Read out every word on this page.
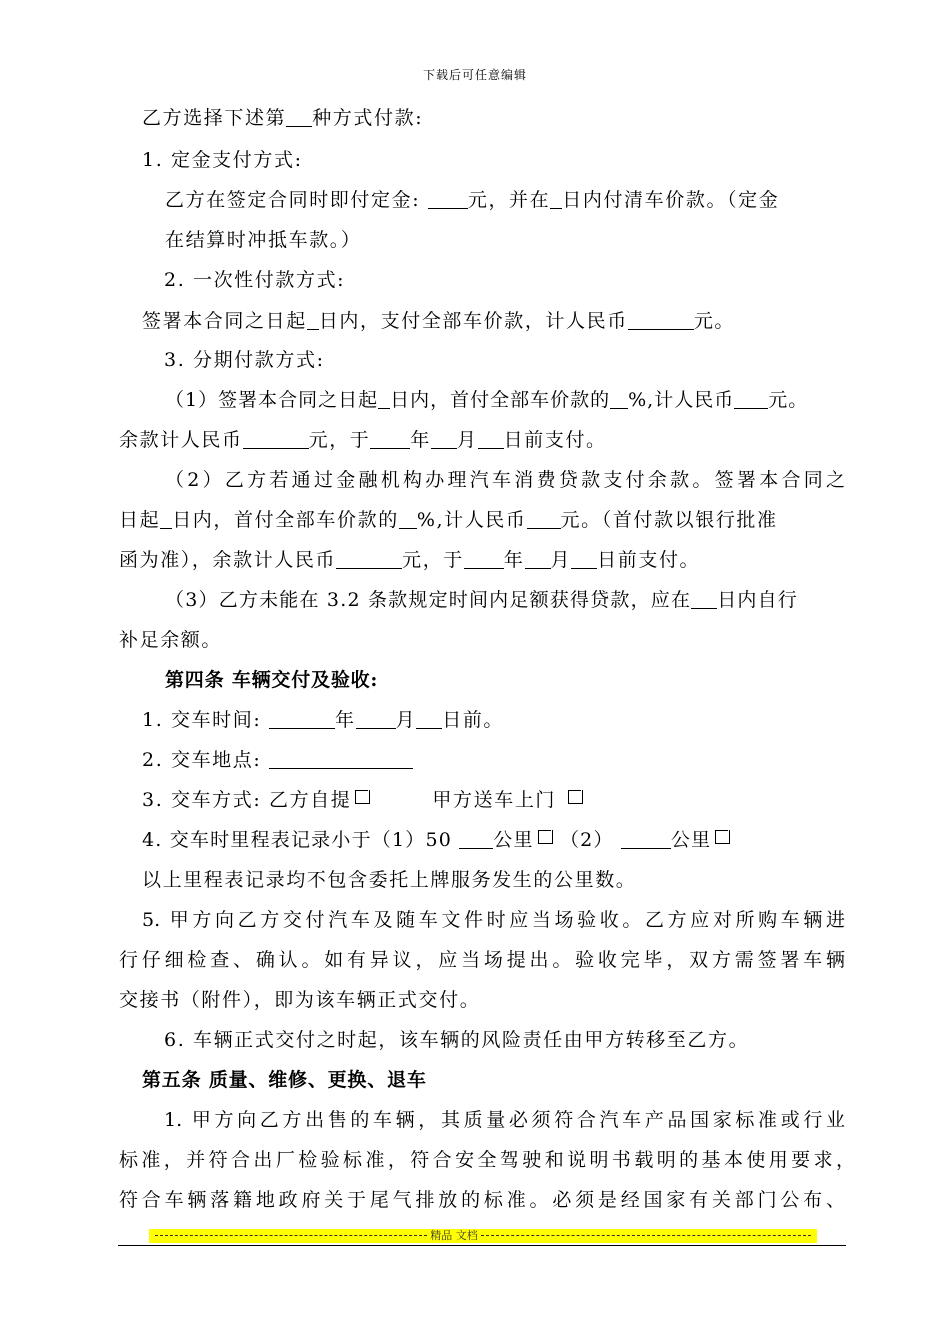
下载后可任意编辑
乙方选择下述第 种方式付款:
1. 定金支付方式:
乙方在签定合同时即付定金:	元，并在 日内付清车价款。（定金
在结算时冲抵车款。）
2. 一次性付款方式:
签署本合同之日起 日内，支付全部车价款，计人民币	元。
3. 分期付款方式:
（1）签署本合同之日起 日内，首付全部车价款的 %,计人民币 元。
余款计人民币	元，于 年 月 日前支付。
（2）乙方若通过金融机构办理汽车消费贷款支付余款。签署本合同之
日起 日内，首付全部车价款的 %,计人民币 元。（首付款以银行批准
函为准），余款计人民币	元，于 年 月 日前支付。
（3）乙方未能在 3.2 条款规定时间内足额获得贷款，应在 日内自行
补足余额。
第四条 车辆交付及验收:
1. 交车时间:	年 月 日前。
2. 交车地点:
3. 交车方式: 乙方自提	甲方送车上门
4. 交车时里程表记录小于（1）50 公里 （2）	公里
以上里程表记录均不包含委托上牌服务发生的公里数。
5. 甲方向乙方交付汽车及随车文件时应当场验收。乙方应对所购车辆进
行仔细检查、确认。如有异议，应当场提出。验收完毕，双方需签署车辆
交接书（附件），即为该车辆正式交付。
6. 车辆正式交付之时起，该车辆的风险责任由甲方转移至乙方。
第五条 质量、维修、更换、退车
1. 甲方向乙方出售的车辆，其质量必须符合汽车产品国家标准或行业
标准，并符合出厂检验标准，符合安全驾驶和说明书载明的基本使用要求，
符合车辆落籍地政府关于尾气排放的标准。必须是经国家有关部门公布、
精品 文档
